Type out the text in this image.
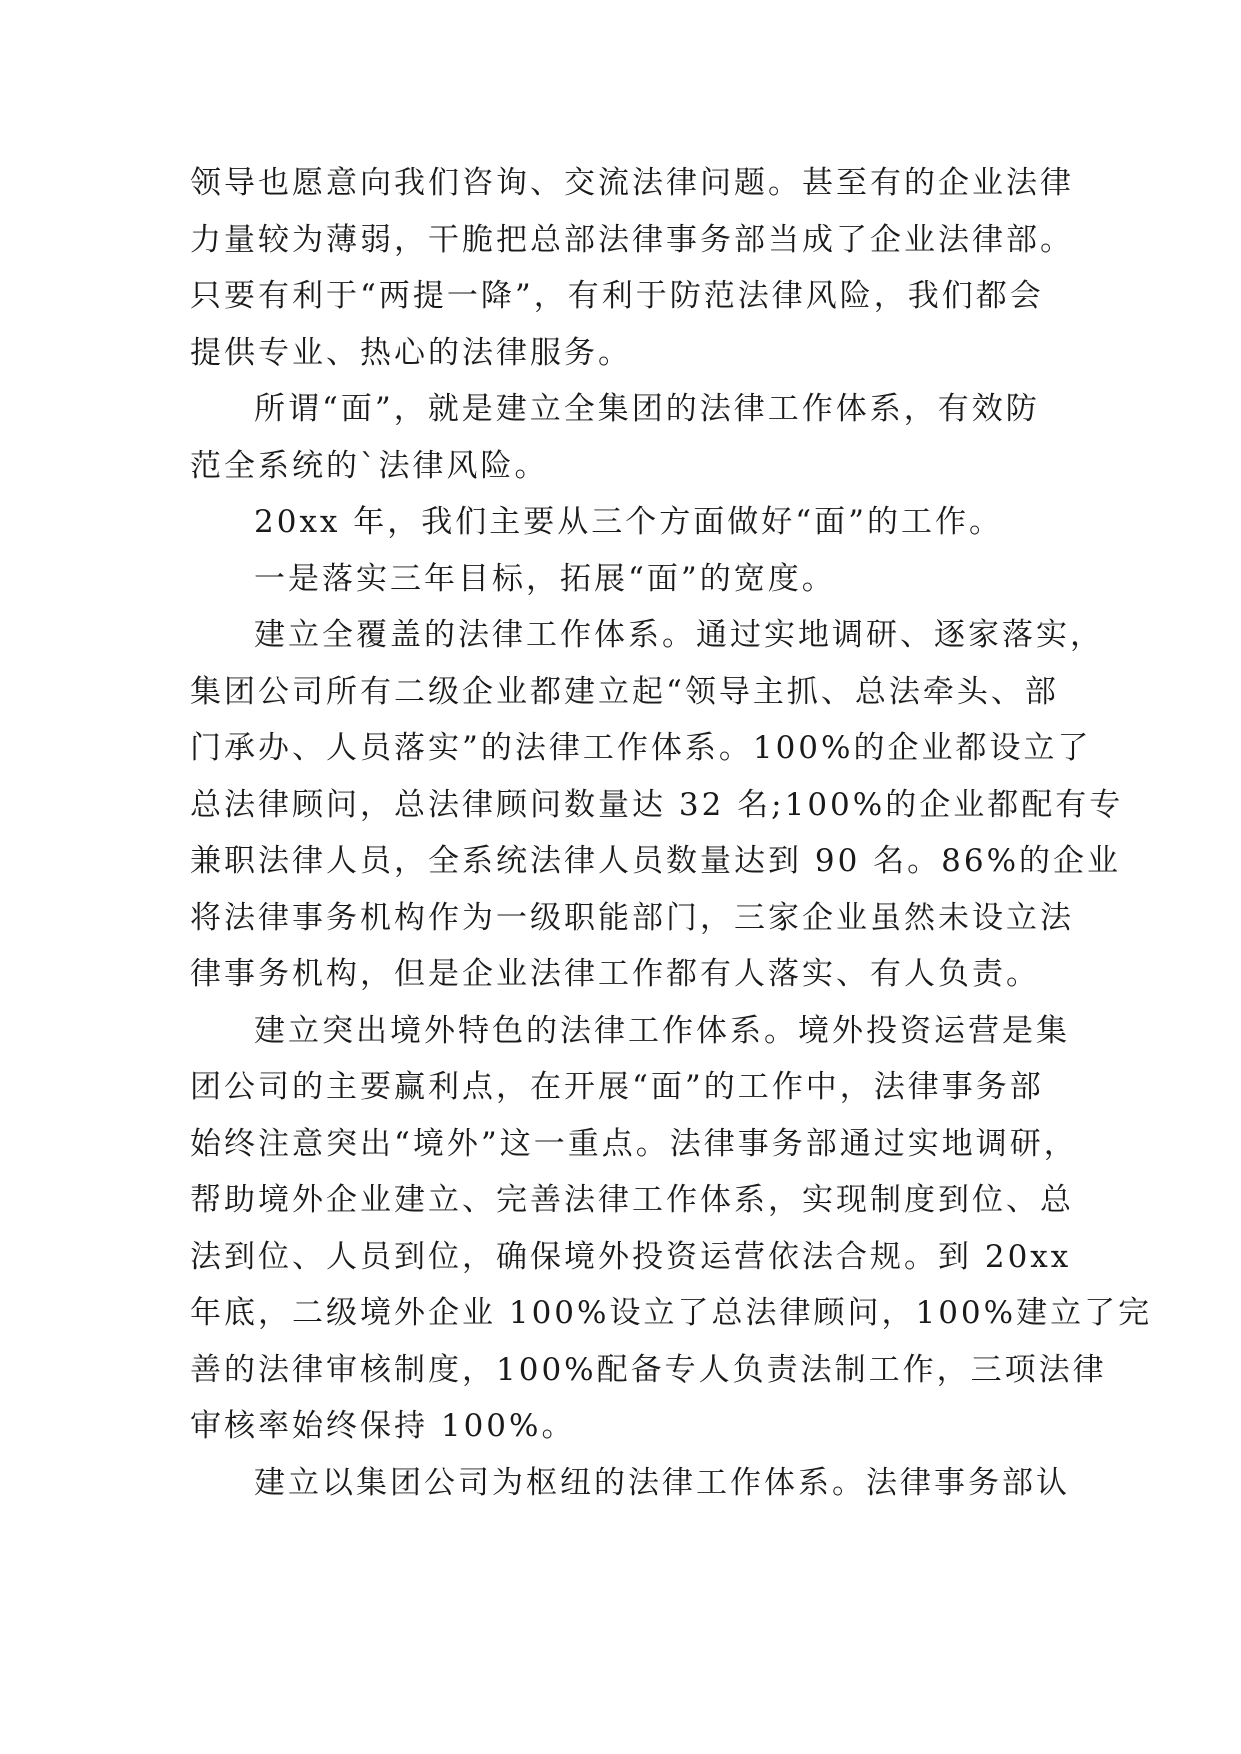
领导也愿意向我们咨询、交流法律问题。甚至有的企业法律
力量较为薄弱，干脆把总部法律事务部当成了企业法律部。
只要有利于“两提一降”，有利于防范法律风险，我们都会
提供专业、热心的法律服务。
所谓“面”，就是建立全集团的法律工作体系，有效防
范全系统的`法律风险。
20xx 年，我们主要从三个方面做好“面”的工作。
一是落实三年目标，拓展“面”的宽度。
建立全覆盖的法律工作体系。通过实地调研、逐家落实，
集团公司所有二级企业都建立起“领导主抓、总法牵头、部
门承办、人员落实”的法律工作体系。100%的企业都设立了
总法律顾问，总法律顾问数量达 32 名;100%的企业都配有专
兼职法律人员，全系统法律人员数量达到 90 名。86%的企业
将法律事务机构作为一级职能部门，三家企业虽然未设立法
律事务机构，但是企业法律工作都有人落实、有人负责。
建立突出境外特色的法律工作体系。境外投资运营是集
团公司的主要赢利点，在开展“面”的工作中，法律事务部
始终注意突出“境外”这一重点。法律事务部通过实地调研，
帮助境外企业建立、完善法律工作体系，实现制度到位、总
法到位、人员到位，确保境外投资运营依法合规。到 20xx
年底，二级境外企业 100%设立了总法律顾问，100%建立了完
善的法律审核制度，100%配备专人负责法制工作，三项法律
审核率始终保持 100%。
建立以集团公司为枢纽的法律工作体系。法律事务部认
